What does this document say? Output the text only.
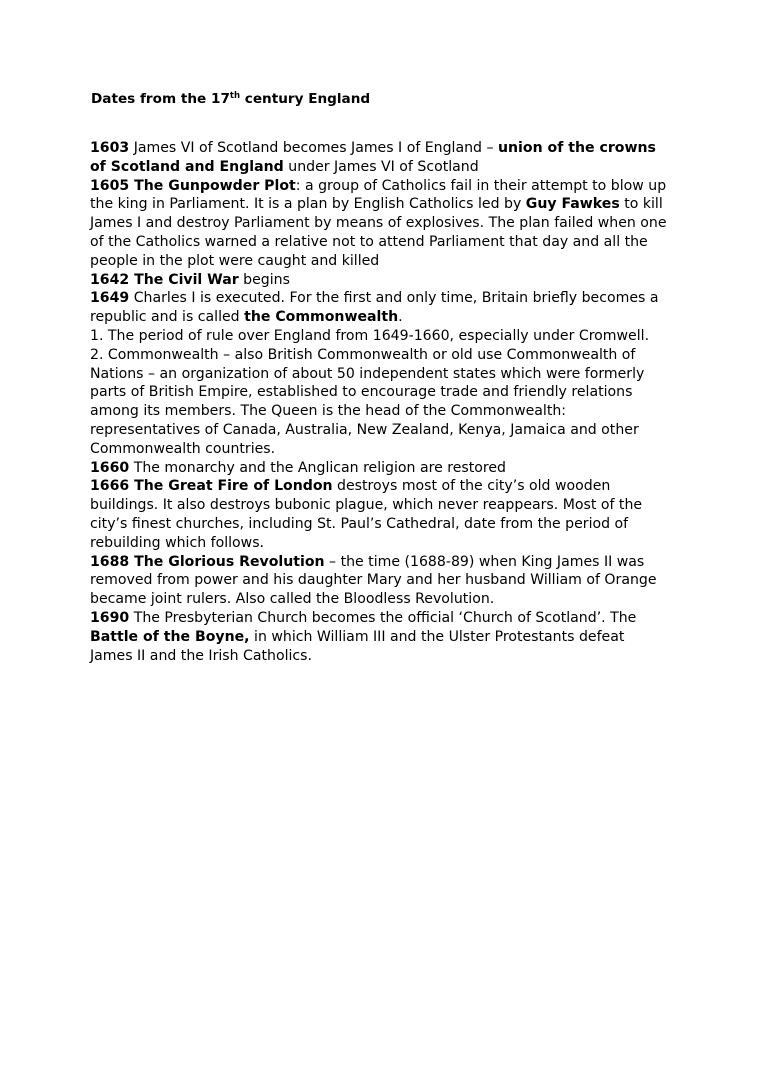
Dates from the 17th century England
1603 James VI of Scotland becomes James I of England – union of the crowns
of Scotland and England under James VI of Scotland
1605 The Gunpowder Plot: a group of Catholics fail in their attempt to blow up
the king in Parliament. It is a plan by English Catholics led by Guy Fawkes to kill
James I and destroy Parliament by means of explosives. The plan failed when one
of the Catholics warned a relative not to attend Parliament that day and all the
people in the plot were caught and killed
1642 The Civil War begins
1649 Charles I is executed. For the first and only time, Britain briefly becomes a
republic and is called the Commonwealth.
1. The period of rule over England from 1649-1660, especially under Cromwell.
2. Commonwealth – also British Commonwealth or old use Commonwealth of
Nations – an organization of about 50 independent states which were formerly
parts of British Empire, established to encourage trade and friendly relations
among its members. The Queen is the head of the Commonwealth:
representatives of Canada, Australia, New Zealand, Kenya, Jamaica and other
Commonwealth countries.
1660 The monarchy and the Anglican religion are restored
1666 The Great Fire of London destroys most of the city’s old wooden
buildings. It also destroys bubonic plague, which never reappears. Most of the
city’s finest churches, including St. Paul’s Cathedral, date from the period of
rebuilding which follows.
1688 The Glorious Revolution – the time (1688-89) when King James II was
removed from power and his daughter Mary and her husband William of Orange
became joint rulers. Also called the Bloodless Revolution.
1690 The Presbyterian Church becomes the official ‘Church of Scotland’. The
Battle of the Boyne, in which William III and the Ulster Protestants defeat
James II and the Irish Catholics.
